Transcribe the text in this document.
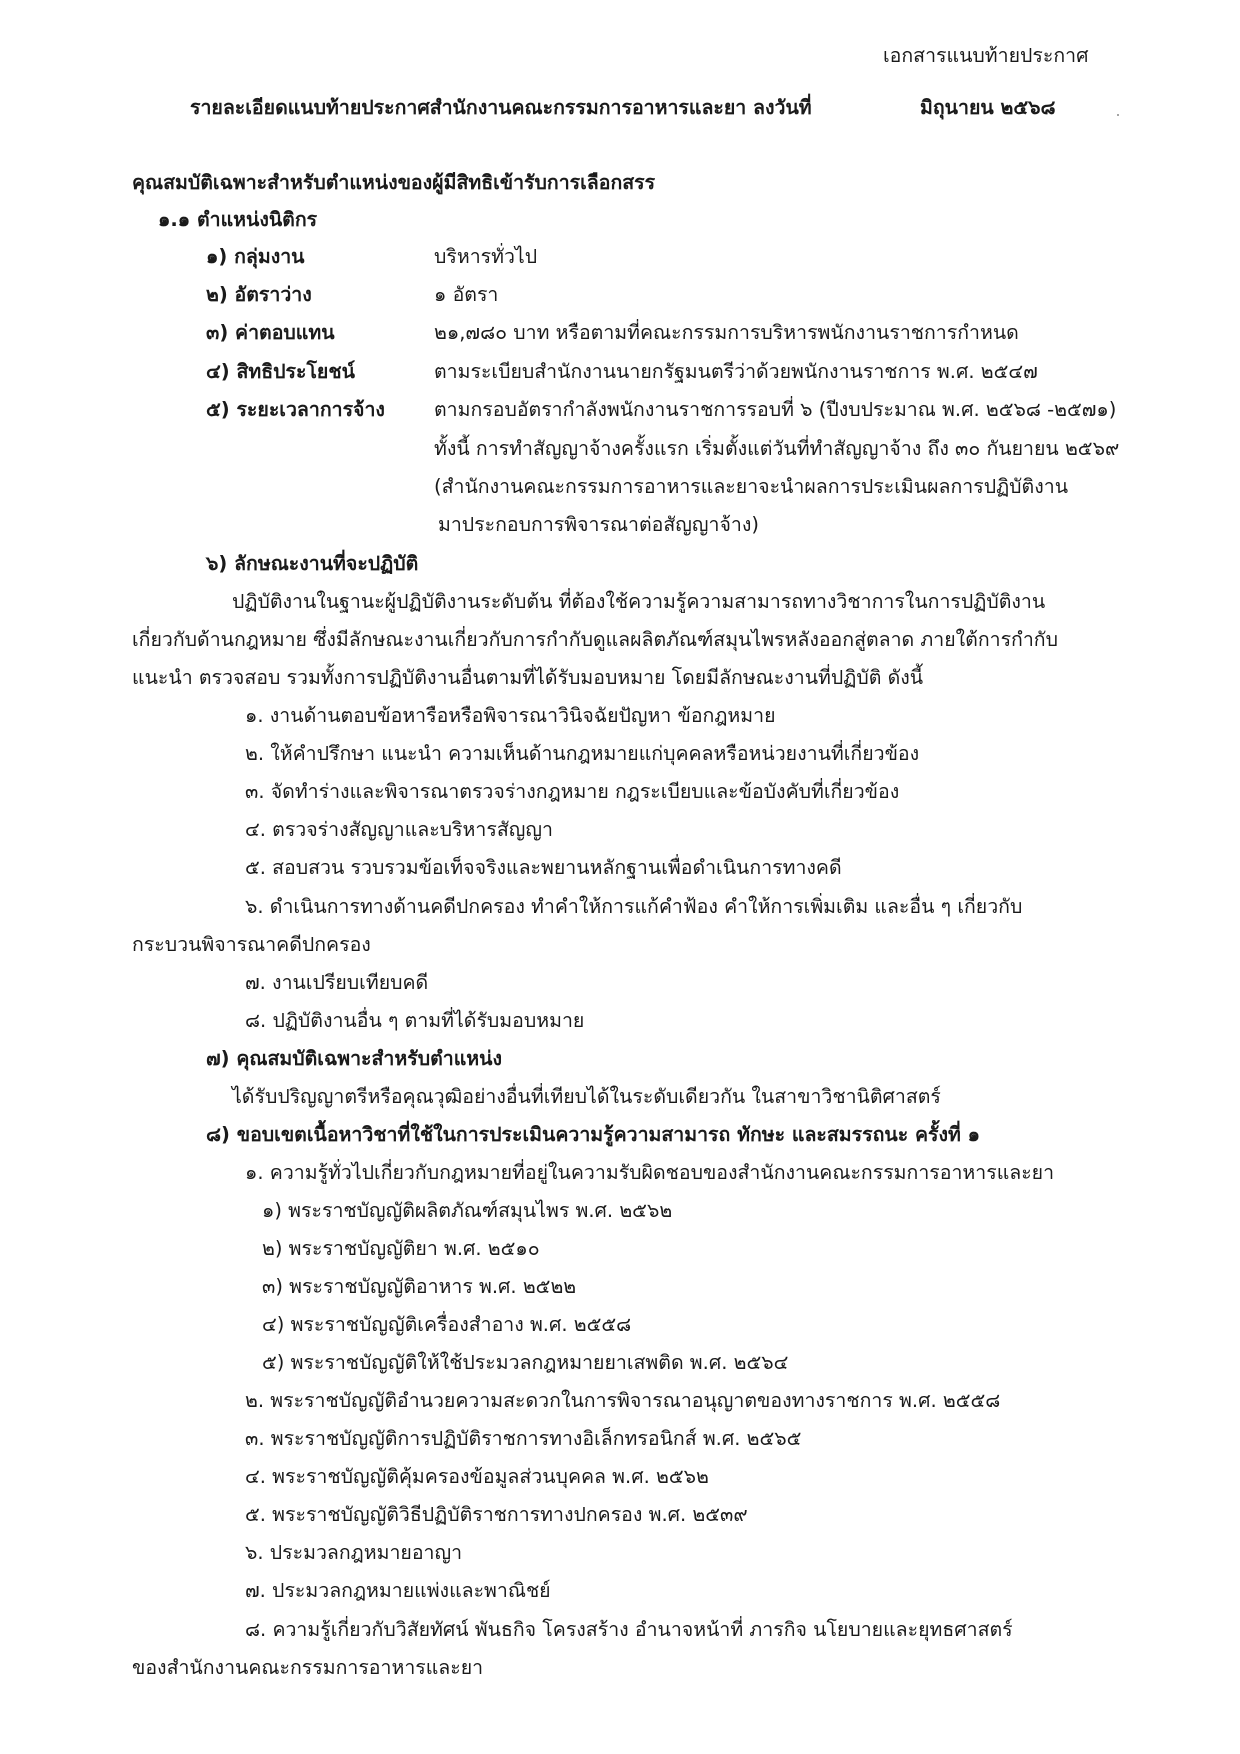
เอกสารแนบท้ายประกาศ
รายละเอียดแนบท้ายประกาศสำนักงานคณะกรรมการอาหารและยา ลงวันที่	มิถุนายน ๒๕๖๘
คุณสมบัติเฉพาะสำหรับตำแหน่งของผู้มีสิทธิเข้ารับการเลือกสรร
๑.๑ ตำแหน่งนิติกร
๑) กลุ่มงาน	บริหารทั่วไป
๒) อัตราว่าง	๑ อัตรา
๓) ค่าตอบแทน	๒๑,๗๘๐ บาท หรือตามที่คณะกรรมการบริหารพนักงานราชการกำหนด
๔) สิทธิประโยชน์	ตามระเบียบสำนักงานนายกรัฐมนตรีว่าด้วยพนักงานราชการ พ.ศ. ๒๕๔๗
๕) ระยะเวลาการจ้าง	ตามกรอบอัตรากำลังพนักงานราชการรอบที่ ๖ (ปีงบประมาณ พ.ศ. ๒๕๖๘ -๒๕๗๑)
ทั้งนี้ การทำสัญญาจ้างครั้งแรก เริ่มตั้งแต่วันที่ทำสัญญาจ้าง ถึง ๓๐ กันยายน ๒๕๖๙
(สำนักงานคณะกรรมการอาหารและยาจะนำผลการประเมินผลการปฏิบัติงาน
มาประกอบการพิจารณาต่อสัญญาจ้าง)
๖) ลักษณะงานที่จะปฏิบัติ
ปฏิบัติงานในฐานะผู้ปฏิบัติงานระดับต้น ที่ต้องใช้ความรู้ความสามารถทางวิชาการในการปฏิบัติงาน
เกี่ยวกับด้านกฎหมาย ซึ่งมีลักษณะงานเกี่ยวกับการกำกับดูแลผลิตภัณฑ์สมุนไพรหลังออกสู่ตลาด ภายใต้การกำกับ
แนะนำ ตรวจสอบ รวมทั้งการปฏิบัติงานอื่นตามที่ได้รับมอบหมาย โดยมีลักษณะงานที่ปฏิบัติ ดังนี้
๑. งานด้านตอบข้อหารือหรือพิจารณาวินิจฉัยปัญหา ข้อกฎหมาย
๒. ให้คำปรึกษา แนะนำ ความเห็นด้านกฎหมายแก่บุคคลหรือหน่วยงานที่เกี่ยวข้อง
๓. จัดทำร่างและพิจารณาตรวจร่างกฎหมาย กฎระเบียบและข้อบังคับที่เกี่ยวข้อง
๔. ตรวจร่างสัญญาและบริหารสัญญา
๕. สอบสวน รวบรวมข้อเท็จจริงและพยานหลักฐานเพื่อดำเนินการทางคดี
๖. ดำเนินการทางด้านคดีปกครอง ทำคำให้การแก้คำฟ้อง คำให้การเพิ่มเติม และอื่น ๆ เกี่ยวกับ
กระบวนพิจารณาคดีปกครอง
๗. งานเปรียบเทียบคดี
๘. ปฏิบัติงานอื่น ๆ ตามที่ได้รับมอบหมาย
๗) คุณสมบัติเฉพาะสำหรับตำแหน่ง
ได้รับปริญญาตรีหรือคุณวุฒิอย่างอื่นที่เทียบได้ในระดับเดียวกัน ในสาขาวิชานิติศาสตร์
๘) ขอบเขตเนื้อหาวิชาที่ใช้ในการประเมินความรู้ความสามารถ ทักษะ และสมรรถนะ ครั้งที่ ๑
๑. ความรู้ทั่วไปเกี่ยวกับกฎหมายที่อยู่ในความรับผิดชอบของสำนักงานคณะกรรมการอาหารและยา
๑) พระราชบัญญัติผลิตภัณฑ์สมุนไพร พ.ศ. ๒๕๖๒
๒) พระราชบัญญัติยา พ.ศ. ๒๕๑๐
๓) พระราชบัญญัติอาหาร พ.ศ. ๒๕๒๒
๔) พระราชบัญญัติเครื่องสำอาง พ.ศ. ๒๕๕๘
๕) พระราชบัญญัติให้ใช้ประมวลกฎหมายยาเสพติด พ.ศ. ๒๕๖๔
๒. พระราชบัญญัติอำนวยความสะดวกในการพิจารณาอนุญาตของทางราชการ พ.ศ. ๒๕๕๘
๓. พระราชบัญญัติการปฏิบัติราชการทางอิเล็กทรอนิกส์ พ.ศ. ๒๕๖๕
๔. พระราชบัญญัติคุ้มครองข้อมูลส่วนบุคคล พ.ศ. ๒๕๖๒
๕. พระราชบัญญัติวิธีปฏิบัติราชการทางปกครอง พ.ศ. ๒๕๓๙
๖. ประมวลกฎหมายอาญา
๗. ประมวลกฎหมายแพ่งและพาณิชย์
๘. ความรู้เกี่ยวกับวิสัยทัศน์ พันธกิจ โครงสร้าง อำนาจหน้าที่ ภารกิจ นโยบายและยุทธศาสตร์
ของสำนักงานคณะกรรมการอาหารและยา
